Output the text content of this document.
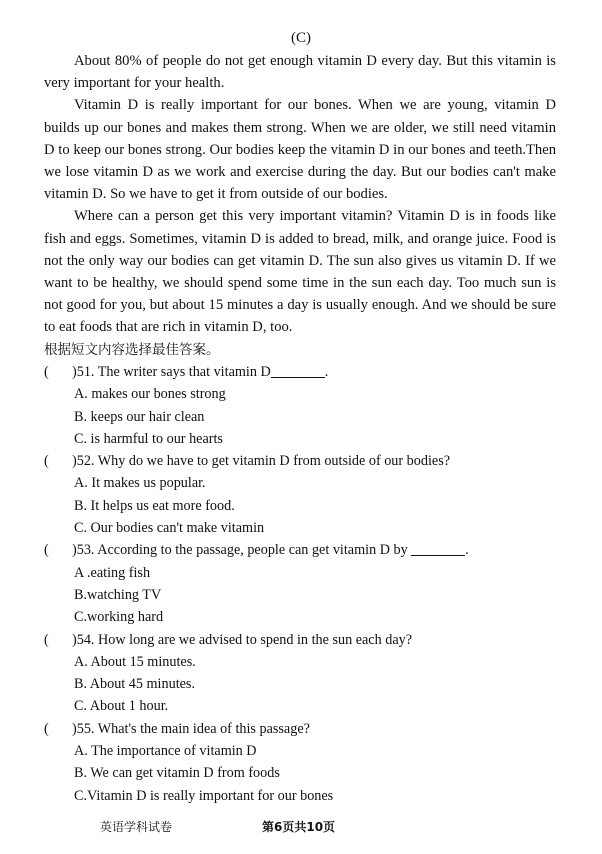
(C)

About 80% of people do not get enough vitamin D every day. But this vitamin is very important for your health.

Vitamin D is really important for our bones. When we are young, vitamin D builds up our bones and makes them strong. When we are older, we still need vitamin D to keep our bones strong. Our bodies keep the vitamin D in our bones and teeth.Then we lose vitamin D as we work and exercise during the day. But our bodies can't make vitamin D. So we have to get it from outside of our bodies.

Where can a person get this very important vitamin? Vitamin D is in foods like fish and eggs. Sometimes, vitamin D is added to bread, milk, and orange juice. Food is not the only way our bodies can get vitamin D. The sun also gives us vitamin D. If we want to be healthy, we should spend some time in the sun each day. Too much sun is not good for you, but about 15 minutes a day is usually enough. And we should be sure to eat foods that are rich in vitamin D, too.

根据短文内容选择最佳答案。
( )51. The writer says that vitamin D	.
A. makes our bones strong
B. keeps our hair clean
C. is harmful to our hearts
( )52. Why do we have to get vitamin D from outside of our bodies?
A. It makes us popular.
B. It helps us eat more food.
C. Our bodies can't make vitamin
( )53. According to the passage, people can get vitamin D by	.
A .eating fish
B.watching TV
C.working hard
( )54. How long are we advised to spend in the sun each day?
A. About 15 minutes.
B. About 45 minutes.
C. About 1 hour.
( )55. What's the main idea of this passage?
A. The importance of vitamin D
B. We can get vitamin D from foods
C.Vitamin D is really important for our bones
英语学科试卷	第6页共10页
